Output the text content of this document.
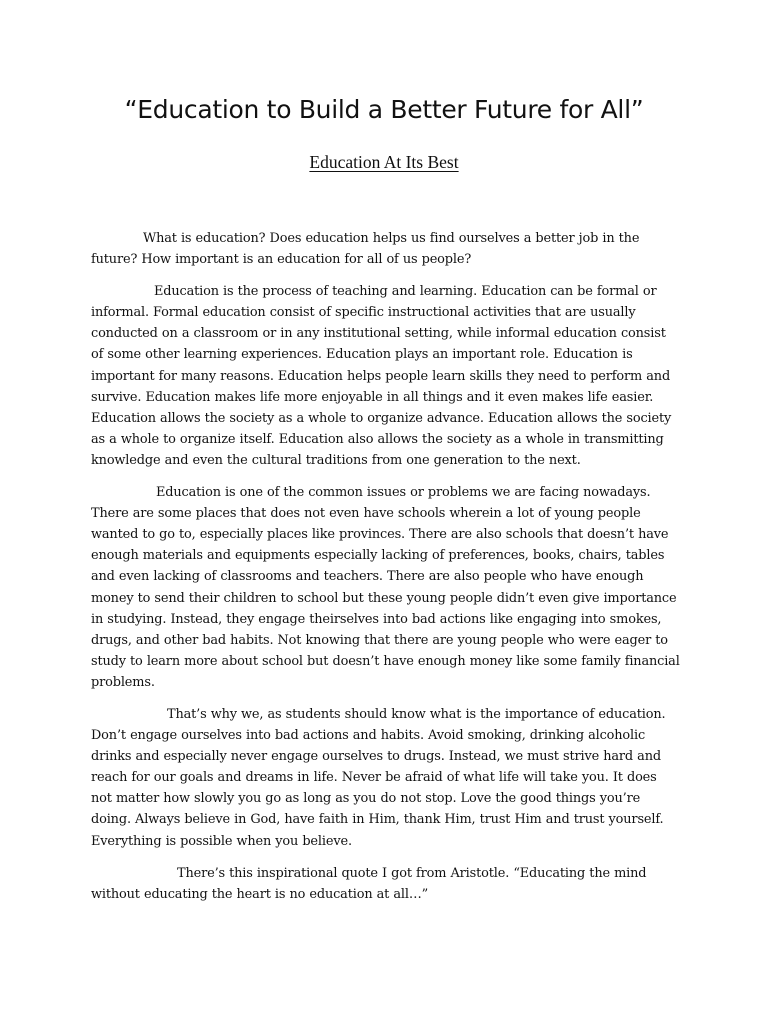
“Education to Build a Better Future for All”
Education At Its Best

What is education? Does education helps us find ourselves a better job in the future? How important is an education for all of us people?

Education is the process of teaching and learning. Education can be formal or informal. Formal education consist of specific instructional activities that are usually conducted on a classroom or in any institutional setting, while informal education consist of some other learning experiences. Education plays an important role. Education is important for many reasons. Education helps people learn skills they need to perform and survive. Education makes life more enjoyable in all things and it even makes life easier. Education allows the society as a whole to organize advance. Education allows the society as a whole to organize itself. Education also allows the society as a whole in transmitting knowledge and even the cultural traditions from one generation to the next.

Education is one of the common issues or problems we are facing nowadays. There are some places that does not even have schools wherein a lot of young people wanted to go to, especially places like provinces. There are also schools that doesn’t have enough materials and equipments especially lacking of preferences, books, chairs, tables and even lacking of classrooms and teachers. There are also people who have enough money to send their children to school but these young people didn’t even give importance in studying. Instead, they engage theirselves into bad actions like engaging into smokes, drugs, and other bad habits. Not knowing that there are young people who were eager to study to learn more about school but doesn’t have enough money like some family financial problems.

That’s why we, as students should know what is the importance of education. Don’t engage ourselves into bad actions and habits. Avoid smoking, drinking alcoholic drinks and especially never engage ourselves to drugs. Instead, we must strive hard and reach for our goals and dreams in life. Never be afraid of what life will take you. It does not matter how slowly you go as long as you do not stop. Love the good things you’re doing. Always believe in God, have faith in Him, thank Him, trust Him and trust yourself. Everything is possible when you believe.

There’s this inspirational quote I got from Aristotle. “Educating the mind without educating the heart is no education at all…”
